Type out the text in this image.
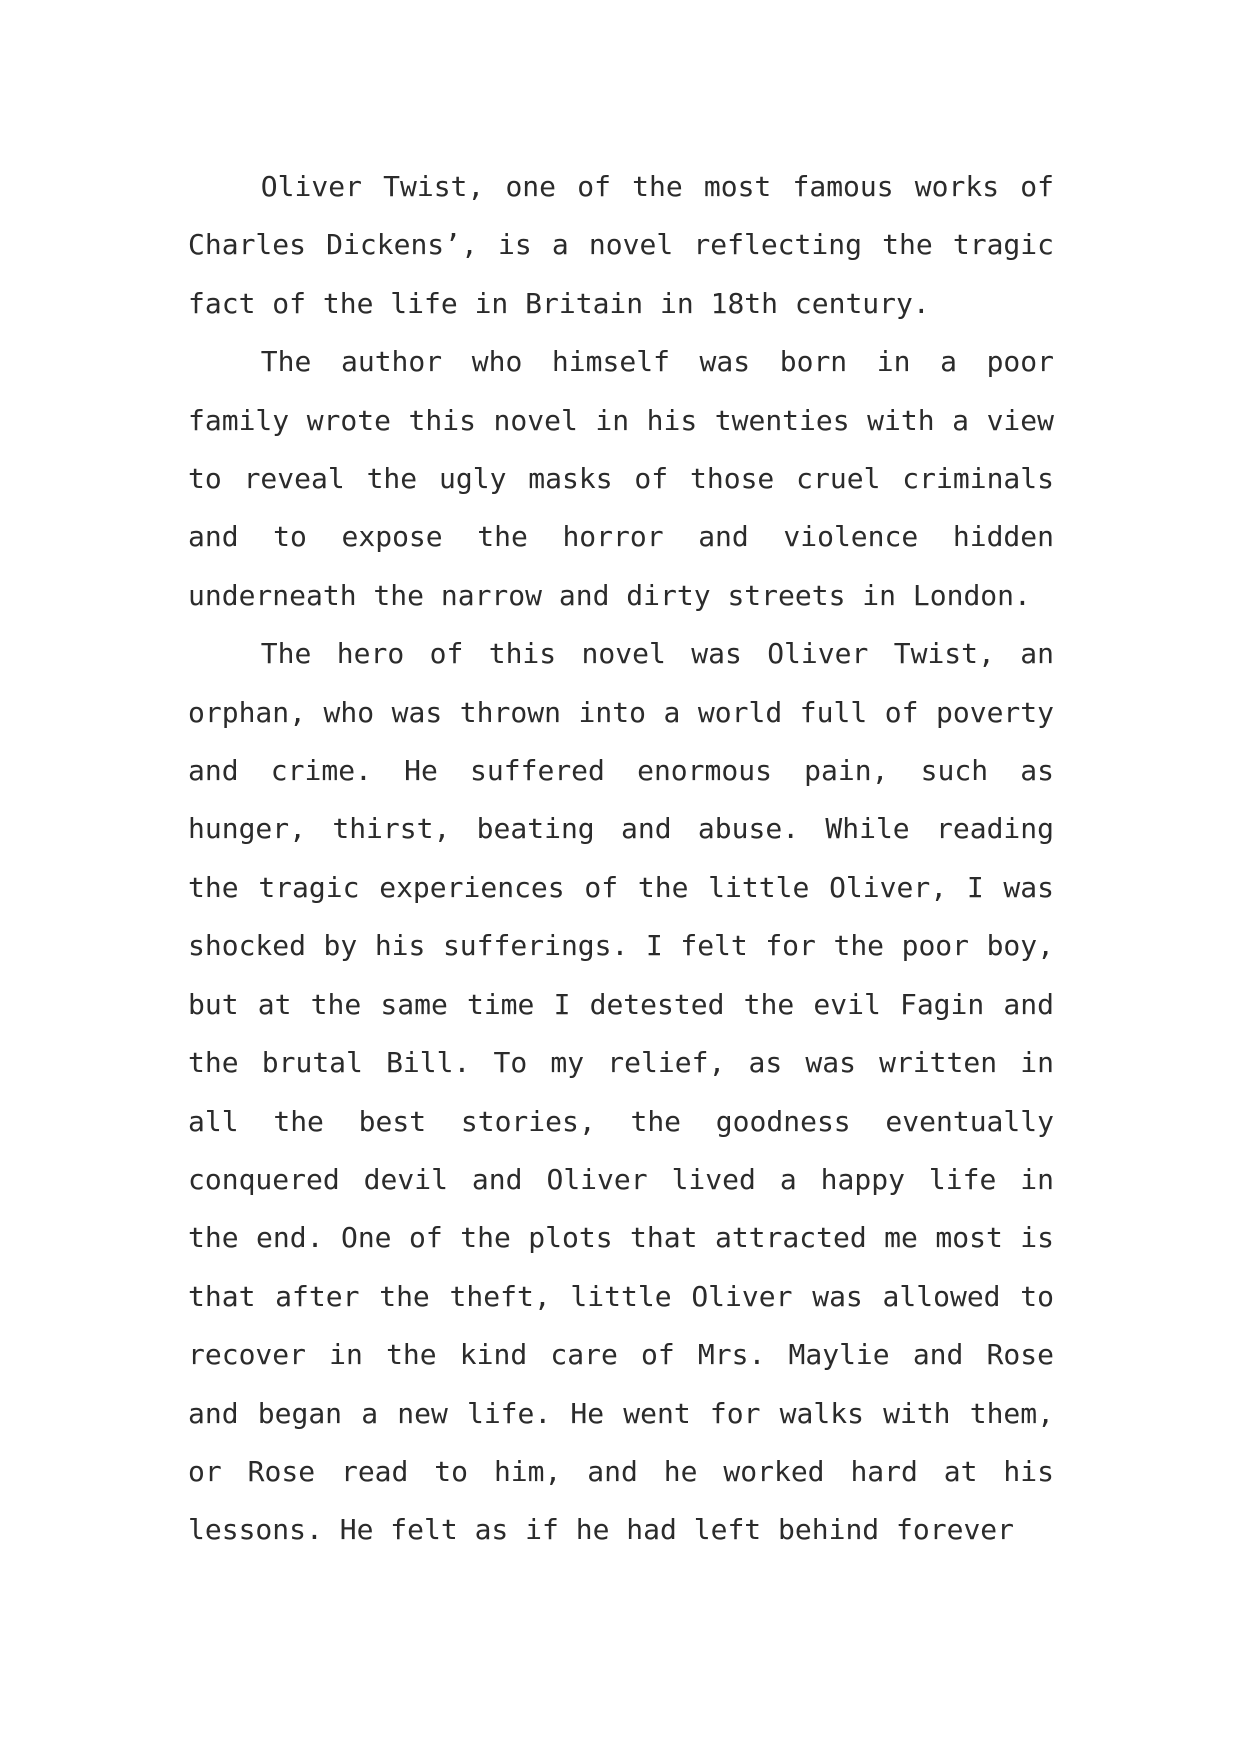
Oliver Twist, one of the most famous works of Charles Dickens’, is a novel reflecting the tragic fact of the life in Britain in 18th century.

The author who himself was born in a poor family wrote this novel in his twenties with a view to reveal the ugly masks of those cruel criminals and to expose the horror and violence hidden underneath the narrow and dirty streets in London.

The hero of this novel was Oliver Twist, an orphan, who was thrown into a world full of poverty and crime. He suffered enormous pain, such as hunger, thirst, beating and abuse. While reading the tragic experiences of the little Oliver, I was shocked by his sufferings. I felt for the poor boy, but at the same time I detested the evil Fagin and the brutal Bill. To my relief, as was written in all the best stories, the goodness eventually conquered devil and Oliver lived a happy life in the end. One of the plots that attracted me most is that after the theft, little Oliver was allowed to recover in the kind care of Mrs. Maylie and Rose and began a new life. He went for walks with them, or Rose read to him, and he worked hard at his lessons. He felt as if he had left behind forever
